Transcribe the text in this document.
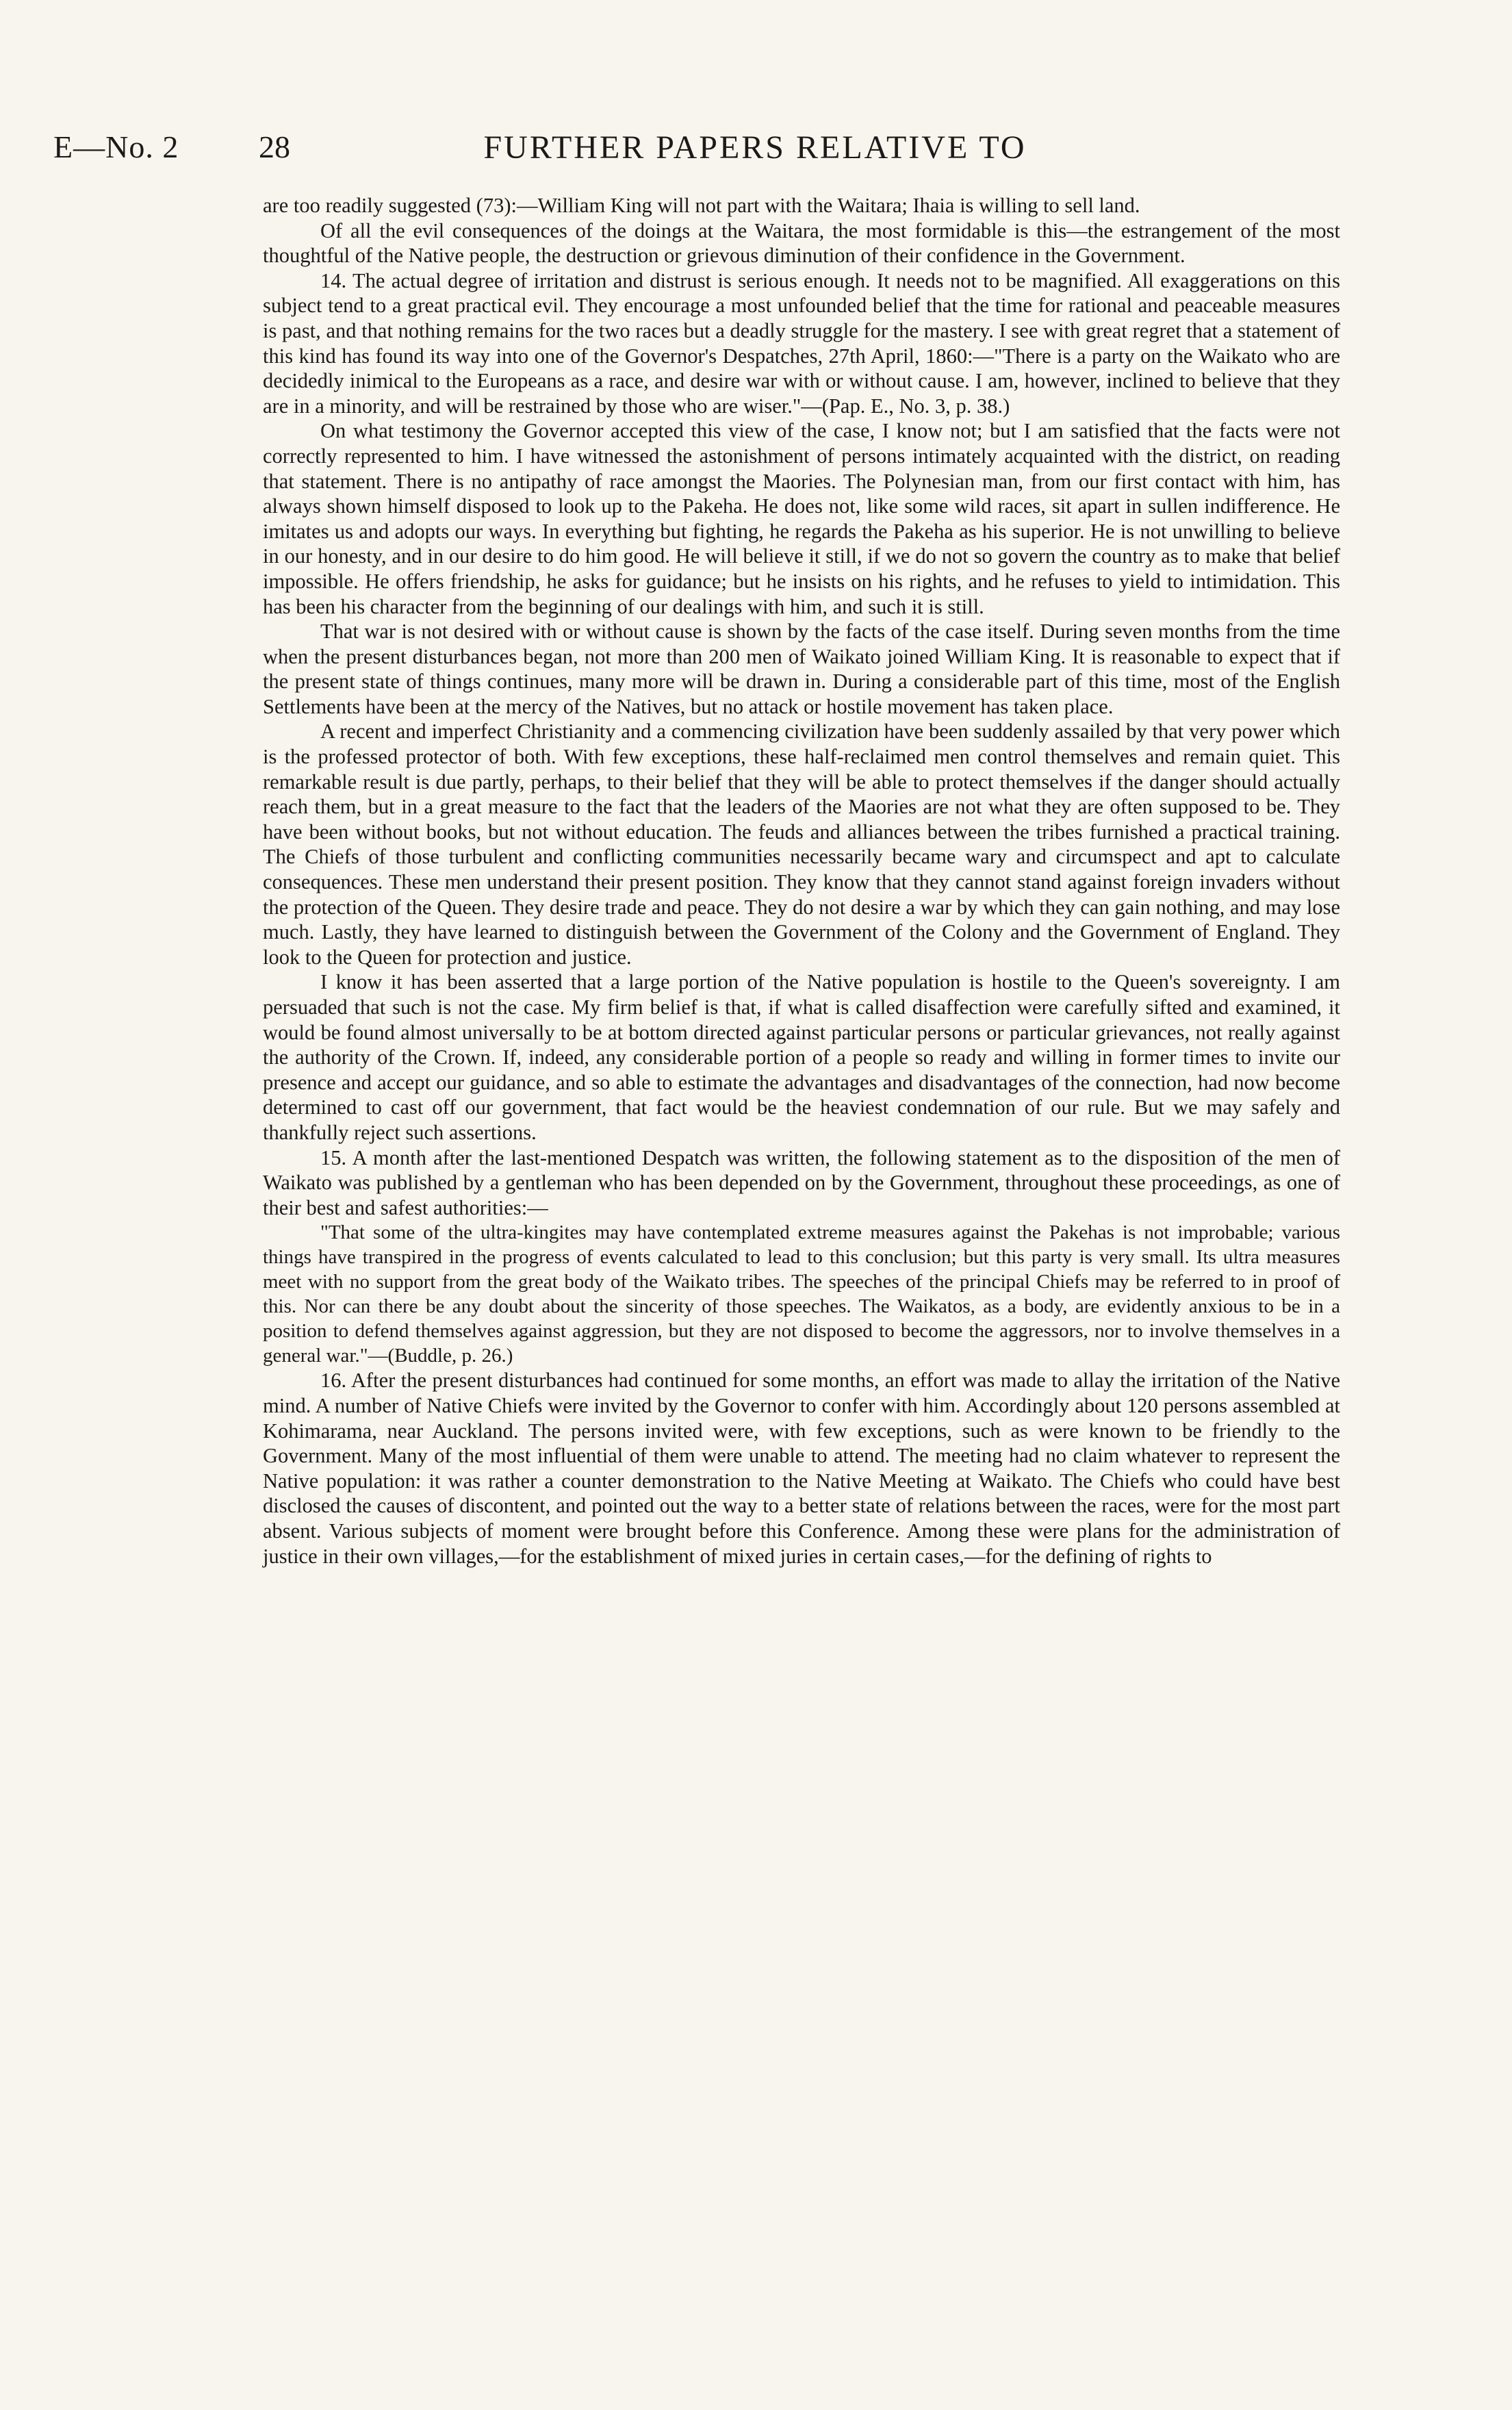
E—No. 2	28	FURTHER PAPERS RELATIVE TO

are too readily suggested (73):—William King will not part with the Waitara; Ihaia is willing to sell land.

Of all the evil consequences of the doings at the Waitara, the most formidable is this—the estrangement of the most thoughtful of the Native people, the destruction or grievous diminution of their confidence in the Government.

14. The actual degree of irritation and distrust is serious enough. It needs not to be magnified. All exaggerations on this subject tend to a great practical evil. They encourage a most unfounded belief that the time for rational and peaceable measures is past, and that nothing remains for the two races but a deadly struggle for the mastery. I see with great regret that a statement of this kind has found its way into one of the Governor's Despatches, 27th April, 1860:—"There is a party on the Waikato who are decidedly inimical to the Europeans as a race, and desire war with or without cause. I am, however, inclined to believe that they are in a minority, and will be restrained by those who are wiser."—(Pap. E., No. 3, p. 38.)

On what testimony the Governor accepted this view of the case, I know not; but I am satisfied that the facts were not correctly represented to him. I have witnessed the astonishment of persons intimately acquainted with the district, on reading that statement. There is no antipathy of race amongst the Maories. The Polynesian man, from our first contact with him, has always shown himself disposed to look up to the Pakeha. He does not, like some wild races, sit apart in sullen indifference. He imitates us and adopts our ways. In everything but fighting, he regards the Pakeha as his superior. He is not unwilling to believe in our honesty, and in our desire to do him good. He will believe it still, if we do not so govern the country as to make that belief impossible. He offers friendship, he asks for guidance; but he insists on his rights, and he refuses to yield to intimidation. This has been his character from the beginning of our dealings with him, and such it is still.

That war is not desired with or without cause is shown by the facts of the case itself. During seven months from the time when the present disturbances began, not more than 200 men of Waikato joined William King. It is reasonable to expect that if the present state of things continues, many more will be drawn in. During a considerable part of this time, most of the English Settlements have been at the mercy of the Natives, but no attack or hostile movement has taken place.

A recent and imperfect Christianity and a commencing civilization have been suddenly assailed by that very power which is the professed protector of both. With few exceptions, these half-reclaimed men control themselves and remain quiet. This remarkable result is due partly, perhaps, to their belief that they will be able to protect themselves if the danger should actually reach them, but in a great measure to the fact that the leaders of the Maories are not what they are often supposed to be. They have been without books, but not without education. The feuds and alliances between the tribes furnished a practical training. The Chiefs of those turbulent and conflicting communities necessarily became wary and circumspect and apt to calculate consequences. These men understand their present position. They know that they cannot stand against foreign invaders without the protection of the Queen. They desire trade and peace. They do not desire a war by which they can gain nothing, and may lose much. Lastly, they have learned to distinguish between the Government of the Colony and the Government of England. They look to the Queen for protection and justice.

I know it has been asserted that a large portion of the Native population is hostile to the Queen's sovereignty. I am persuaded that such is not the case. My firm belief is that, if what is called disaffection were carefully sifted and examined, it would be found almost universally to be at bottom directed against particular persons or particular grievances, not really against the authority of the Crown. If, indeed, any considerable portion of a people so ready and willing in former times to invite our presence and accept our guidance, and so able to estimate the advantages and disadvantages of the connection, had now become determined to cast off our government, that fact would be the heaviest condemnation of our rule. But we may safely and thankfully reject such assertions.

15. A month after the last-mentioned Despatch was written, the following statement as to the disposition of the men of Waikato was published by a gentleman who has been depended on by the Government, throughout these proceedings, as one of their best and safest authorities:—

"That some of the ultra-kingites may have contemplated extreme measures against the Pakehas is not improbable; various things have transpired in the progress of events calculated to lead to this conclusion; but this party is very small. Its ultra measures meet with no support from the great body of the Waikato tribes. The speeches of the principal Chiefs may be referred to in proof of this. Nor can there be any doubt about the sincerity of those speeches. The Waikatos, as a body, are evidently anxious to be in a position to defend themselves against aggression, but they are not disposed to become the aggressors, nor to involve themselves in a general war."—(Buddle, p. 26.)

16. After the present disturbances had continued for some months, an effort was made to allay the irritation of the Native mind. A number of Native Chiefs were invited by the Governor to confer with him. Accordingly about 120 persons assembled at Kohimarama, near Auckland. The persons invited were, with few exceptions, such as were known to be friendly to the Government. Many of the most influential of them were unable to attend. The meeting had no claim whatever to represent the Native population: it was rather a counter demonstration to the Native Meeting at Waikato. The Chiefs who could have best disclosed the causes of discontent, and pointed out the way to a better state of relations between the races, were for the most part absent. Various subjects of moment were brought before this Conference. Among these were plans for the administration of justice in their own villages,—for the establishment of mixed juries in certain cases,—for the defining of rights to
